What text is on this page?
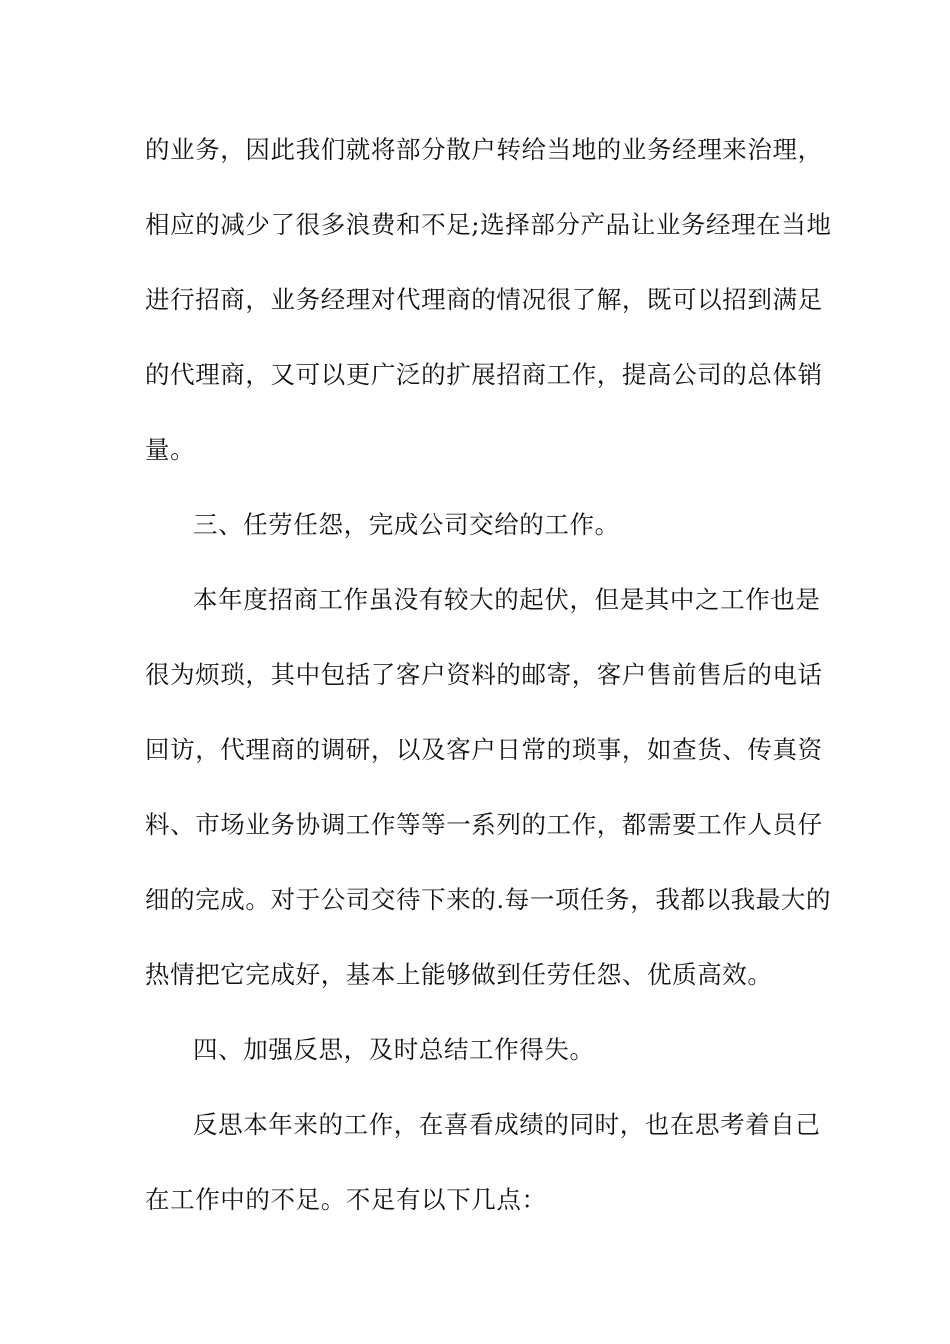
的业务，因此我们就将部分散户转给当地的业务经理来治理，
相应的减少了很多浪费和不足;选择部分产品让业务经理在当地
进行招商，业务经理对代理商的情况很了解，既可以招到满足
的代理商，又可以更广泛的扩展招商工作，提高公司的总体销
量。
三、任劳任怨，完成公司交给的工作。
本年度招商工作虽没有较大的起伏，但是其中之工作也是
很为烦琐，其中包括了客户资料的邮寄，客户售前售后的电话
回访，代理商的调研，以及客户日常的琐事，如查货、传真资
料、市场业务协调工作等等一系列的工作，都需要工作人员仔
细的完成。对于公司交待下来的.每一项任务，我都以我最大的
热情把它完成好，基本上能够做到任劳任怨、优质高效。
四、加强反思，及时总结工作得失。
反思本年来的工作，在喜看成绩的同时，也在思考着自己
在工作中的不足。不足有以下几点：
